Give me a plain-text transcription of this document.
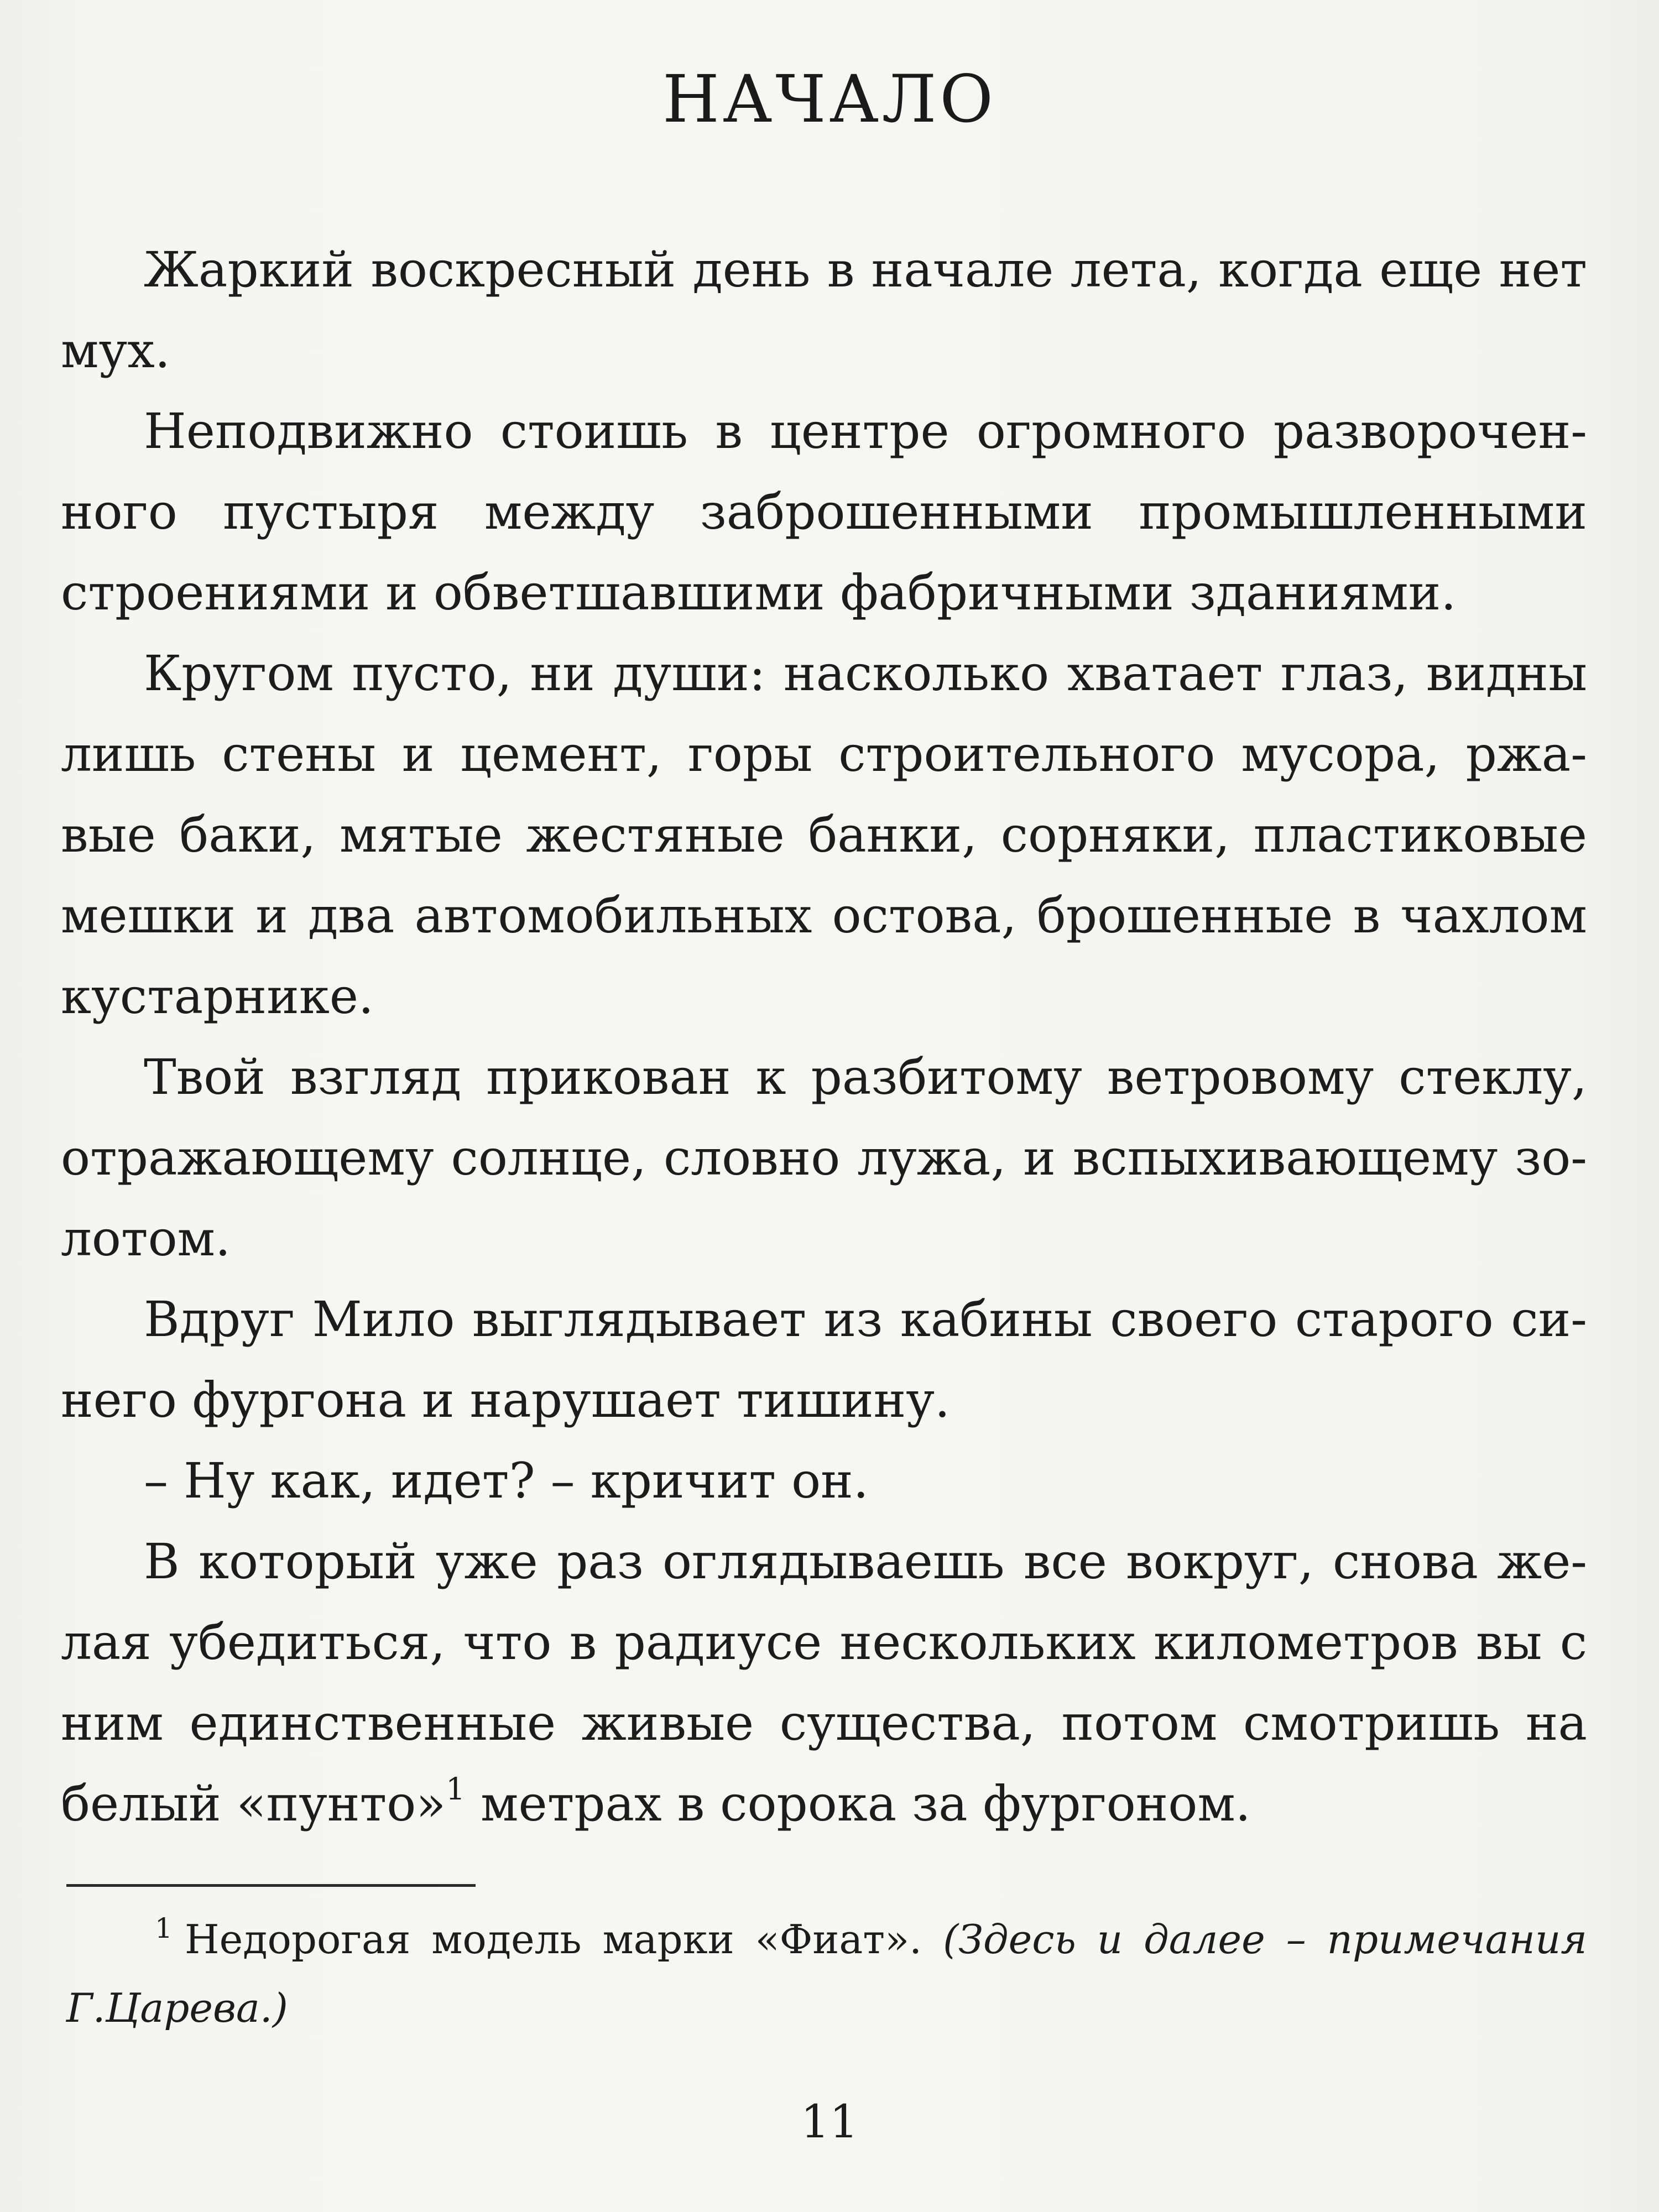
НАЧАЛО

Жаркий воскресный день в начале лета, когда еще нет мух.

Неподвижно стоишь в центре огромного развороченного пустыря между заброшенными промышленными строениями и обветшавшими фабричными зданиями.

Кругом пусто, ни души: насколько хватает глаз, видны лишь стены и цемент, горы строительного мусора, ржавые баки, мятые жестяные банки, сорняки, пластиковые мешки и два автомобильных остова, брошенные в чахлом кустарнике.

Твой взгляд прикован к разбитому ветровому стеклу, отражающему солнце, словно лужа, и вспыхивающему золотом.

Вдруг Мило выглядывает из кабины своего старого синего фургона и нарушает тишину.

– Ну как, идет? – кричит он.

В который уже раз оглядываешь все вокруг, снова желая убедиться, что в радиусе нескольких километров вы с ним единственные живые существа, потом смотришь на белый «пунто»$^1$ метрах в сорока за фургоном.

$^1$ Недорогая модель марки «Фиат». (Здесь и далее – примечания Г.Царева.)

11
